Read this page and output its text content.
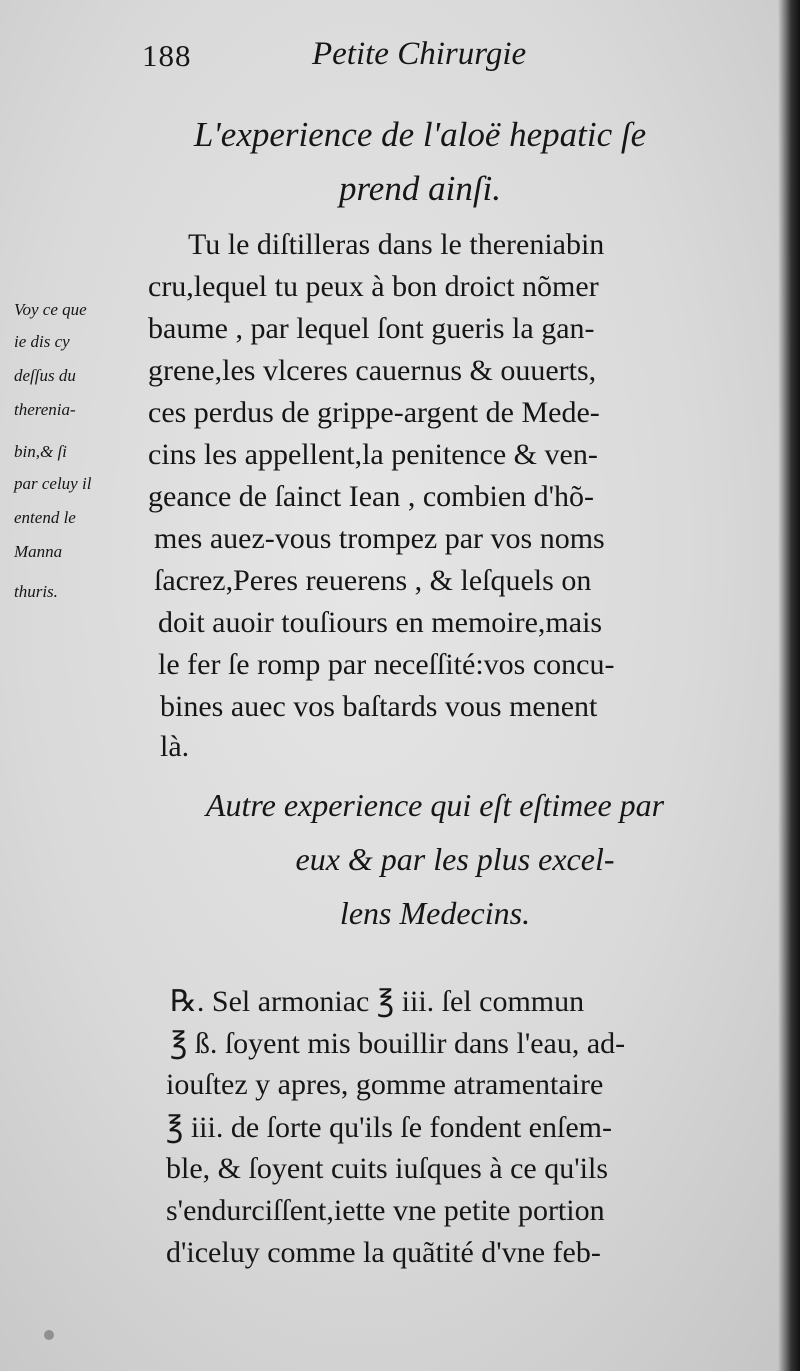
188	Petite Chirurgie
L'experience de l'aloë hepatic ſe
prend ainſi.
Tu le diſtilleras dans le thereniabin
cru,lequel tu peux à bon droict nõmer
baume , par lequel ſont gueris la gan-
grene,les vlceres cauernus & ouuerts,
ces perdus de grippe-argent de Mede-
cins les appellent,la penitence & ven-
geance de ſainct Iean , combien d'hõ-
mes auez-vous trompez par vos noms
ſacrez,Peres reuerens , & leſquels on
doit auoir touſiours en memoire,mais
le fer ſe romp par neceſſité:vos concu-
bines auec vos baſtards vous menent
là.
Voy ce que
ie dis cy
deſſus du
therenia-
bin,& ſi
par celuy il
entend le
Manna
thuris.
Autre experience qui eſt eſtimee par
eux & par les plus excel-
lens Medecins.
℞. Sel armoniac ℥ iii. ſel commun
℥ ß. ſoyent mis bouillir dans l'eau, ad-
iouſtez y apres, gomme atramentaire
℥ iii. de ſorte qu'ils ſe fondent enſem-
ble, & ſoyent cuits iuſques à ce qu'ils
s'endurciſſent,iette vne petite portion
d'iceluy comme la quãtité d'vne feb-
